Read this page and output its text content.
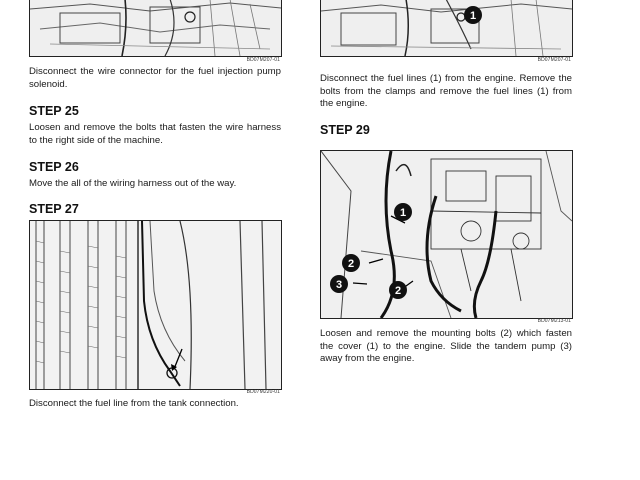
BD07M207-01

Disconnect the wire connector for the fuel injection pump solenoid.

STEP 25

Loosen and remove the bolts that fasten the wire harness to the right side of the machine.

STEP 26

Move the all of the wiring harness out of the way.

STEP 27
BD07M220-01

Disconnect the fuel line from the tank connection.

1
BD07M207-01

Disconnect the fuel lines (1) from the engine. Remove the bolts from the clamps and remove the fuel lines (1) from the engine.

STEP 29
1
2
3	2
BD07M213-01

Loosen and remove the mounting bolts (2) which fasten the cover (1) to the engine. Slide the tandem pump (3) away from the engine.
